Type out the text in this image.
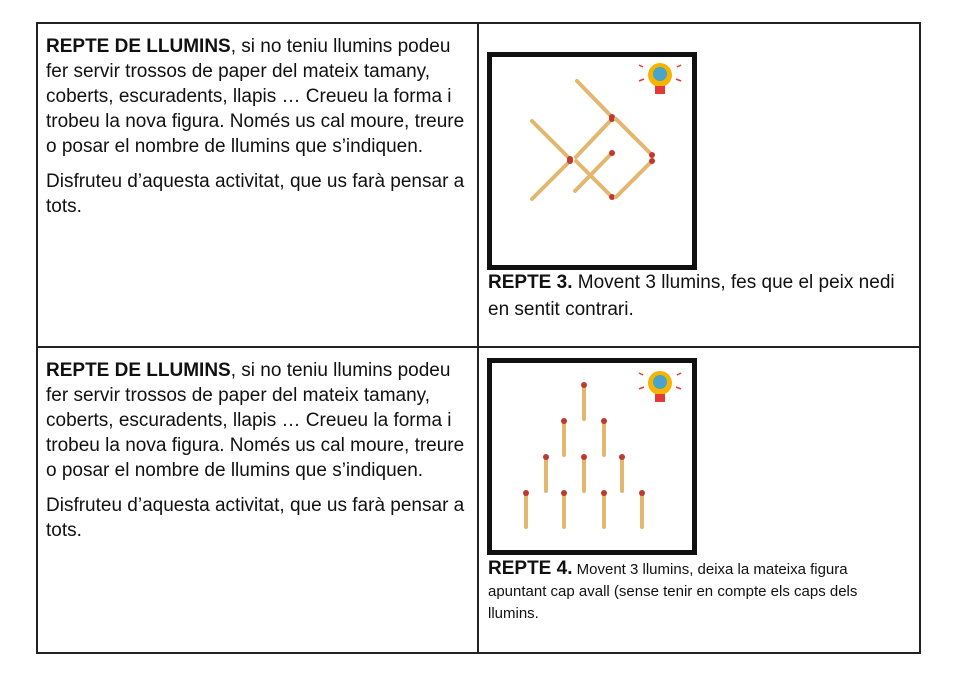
REPTE DE LLUMINS, si no teniu llumins podeu fer servir trossos de paper del mateix tamany, coberts, escuradents, llapis … Creueu la forma i trobeu la nova figura. Només us cal moure, treure o posar el nombre de llumins que s’indiquen.

Disfruteu d’aquesta activitat, que us farà pensar a tots.

REPTE 3. Movent 3 llumins, fes que el peix nedi en sentit contrari.

REPTE DE LLUMINS, si no teniu llumins podeu fer servir trossos de paper del mateix tamany, coberts, escuradents, llapis … Creueu la forma i trobeu la nova figura. Només us cal moure, treure o posar el nombre de llumins que s’indiquen.

Disfruteu d’aquesta activitat, que us farà pensar a tots.

REPTE 4. Movent 3 llumins, deixa la mateixa figura apuntant cap avall (sense tenir en compte els caps dels llumins.
